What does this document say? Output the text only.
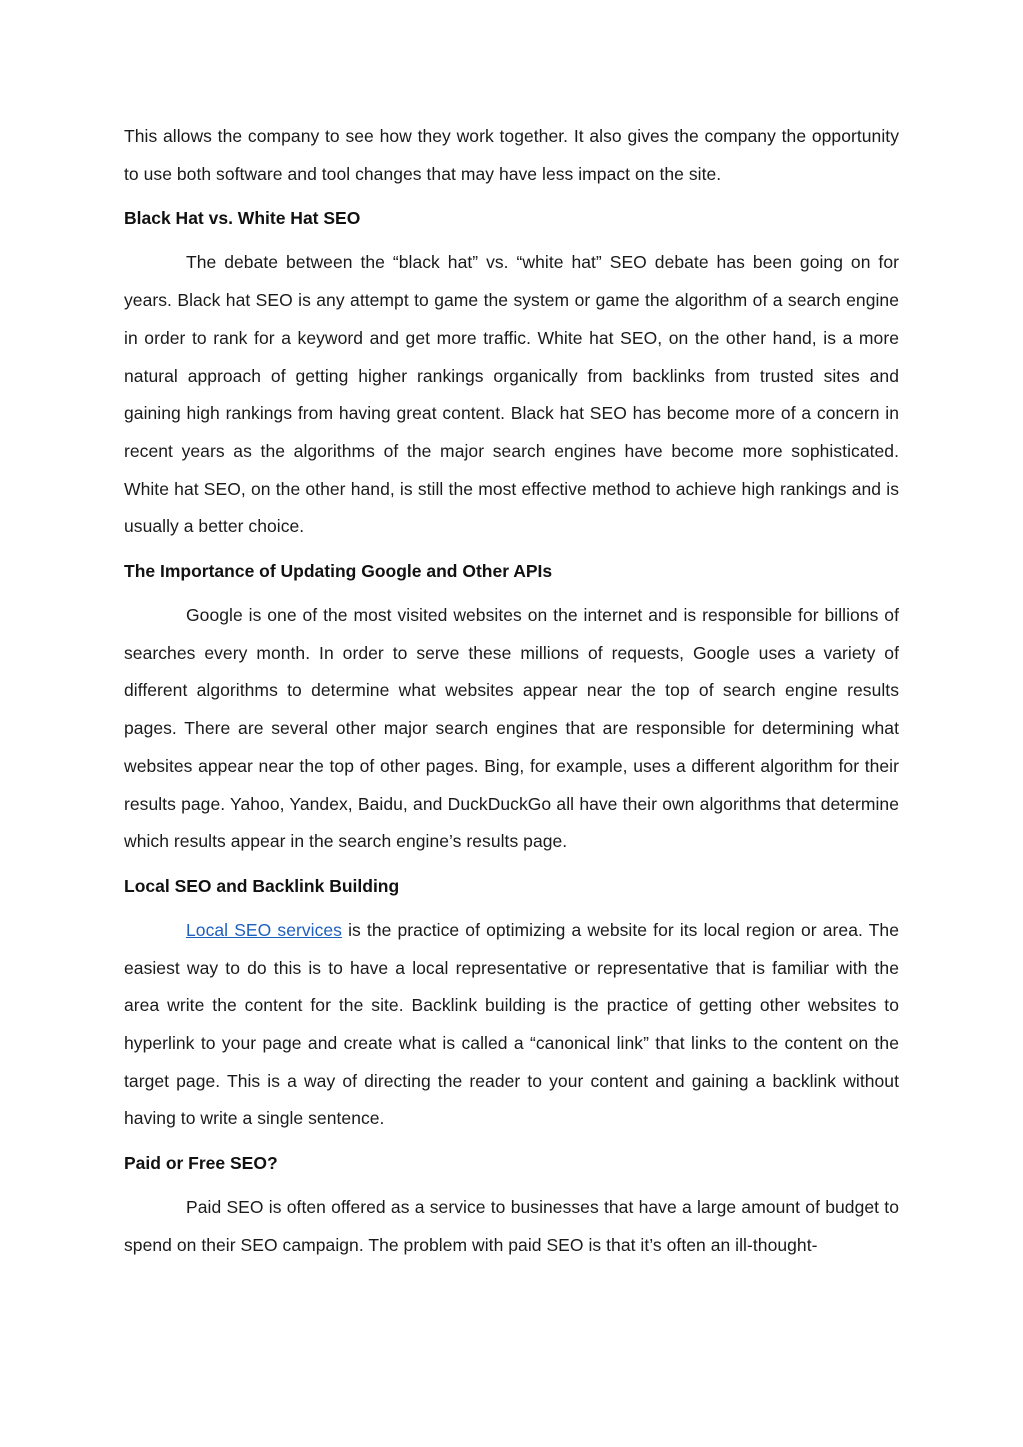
This allows the company to see how they work together. It also gives the company the opportunity to use both software and tool changes that may have less impact on the site.

Black Hat vs. White Hat SEO

The debate between the “black hat” vs. “white hat” SEO debate has been going on for years. Black hat SEO is any attempt to game the system or game the algorithm of a search engine in order to rank for a keyword and get more traffic. White hat SEO, on the other hand, is a more natural approach of getting higher rankings organically from backlinks from trusted sites and gaining high rankings from having great content. Black hat SEO has become more of a concern in recent years as the algorithms of the major search engines have become more sophisticated. White hat SEO, on the other hand, is still the most effective method to achieve high rankings and is usually a better choice.

The Importance of Updating Google and Other APIs

Google is one of the most visited websites on the internet and is responsible for billions of searches every month. In order to serve these millions of requests, Google uses a variety of different algorithms to determine what websites appear near the top of search engine results pages. There are several other major search engines that are responsible for determining what websites appear near the top of other pages. Bing, for example, uses a different algorithm for their results page. Yahoo, Yandex, Baidu, and DuckDuckGo all have their own algorithms that determine which results appear in the search engine’s results page.

Local SEO and Backlink Building

Local SEO services is the practice of optimizing a website for its local region or area. The easiest way to do this is to have a local representative or representative that is familiar with the area write the content for the site. Backlink building is the practice of getting other websites to hyperlink to your page and create what is called a “canonical link” that links to the content on the target page. This is a way of directing the reader to your content and gaining a backlink without having to write a single sentence.

Paid or Free SEO?

Paid SEO is often offered as a service to businesses that have a large amount of budget to spend on their SEO campaign. The problem with paid SEO is that it’s often an ill-thought-
